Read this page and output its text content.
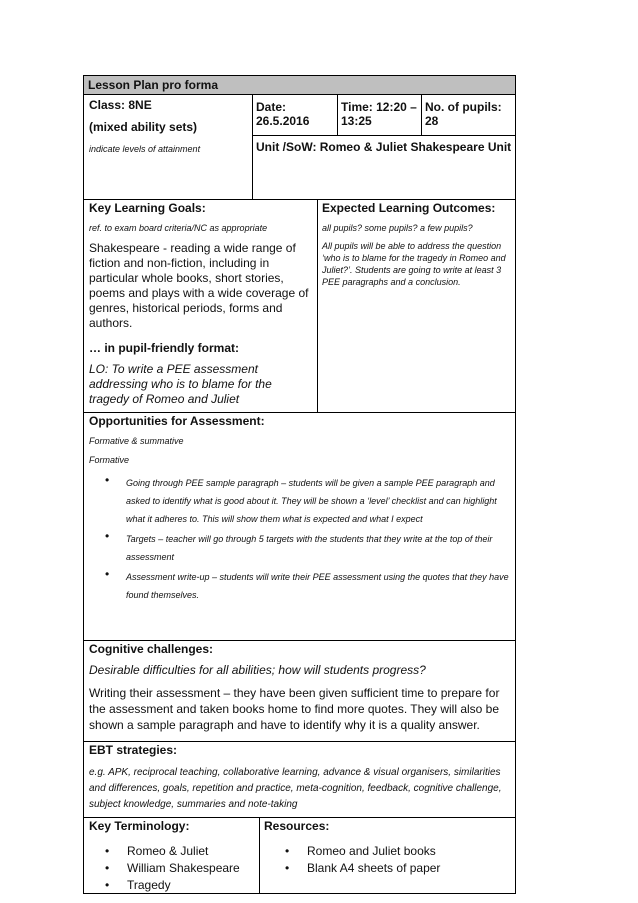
Lesson Plan pro forma

Class: 8NE

(mixed ability sets)

indicate levels of attainment

Date:

26.5.2016

Time: 12:20 –

13:25

No. of pupils:

28

Unit /SoW: Romeo & Juliet Shakespeare Unit

Key Learning Goals:

ref. to exam board criteria/NC as appropriate

Shakespeare - reading a wide range of fiction and non-fiction, including in particular whole books, short stories, poems and plays with a wide coverage of genres, historical periods, forms and authors.

… in pupil-friendly format:

LO: To write a PEE assessment addressing who is to blame for the tragedy of Romeo and Juliet

Expected Learning Outcomes:

all pupils? some pupils? a few pupils?

All pupils will be able to address the question ‘who is to blame for the tragedy in Romeo and Juliet?’. Students are going to write at least 3 PEE paragraphs and a conclusion.

Opportunities for Assessment:

Formative & summative

Formative

• Going through PEE sample paragraph – students will be given a sample PEE paragraph and asked to identify what is good about it. They will be shown a ‘level’ checklist and can highlight what it adheres to. This will show them what is expected and what I expect
• Targets – teacher will go through 5 targets with the students that they write at the top of their assessment
• Assessment write-up – students will write their PEE assessment using the quotes that they have found themselves.

Cognitive challenges:

Desirable difficulties for all abilities; how will students progress?

Writing their assessment – they have been given sufficient time to prepare for the assessment and taken books home to find more quotes. They will also be shown a sample paragraph and have to identify why it is a quality answer.

EBT strategies:

e.g. APK, reciprocal teaching, collaborative learning, advance & visual organisers, similarities and differences, goals, repetition and practice, meta-cognition, feedback, cognitive challenge, subject knowledge, summaries and note-taking

Key Terminology:

• Romeo & Juliet
• William Shakespeare
• Tragedy

Resources:

• Romeo and Juliet books
• Blank A4 sheets of paper
